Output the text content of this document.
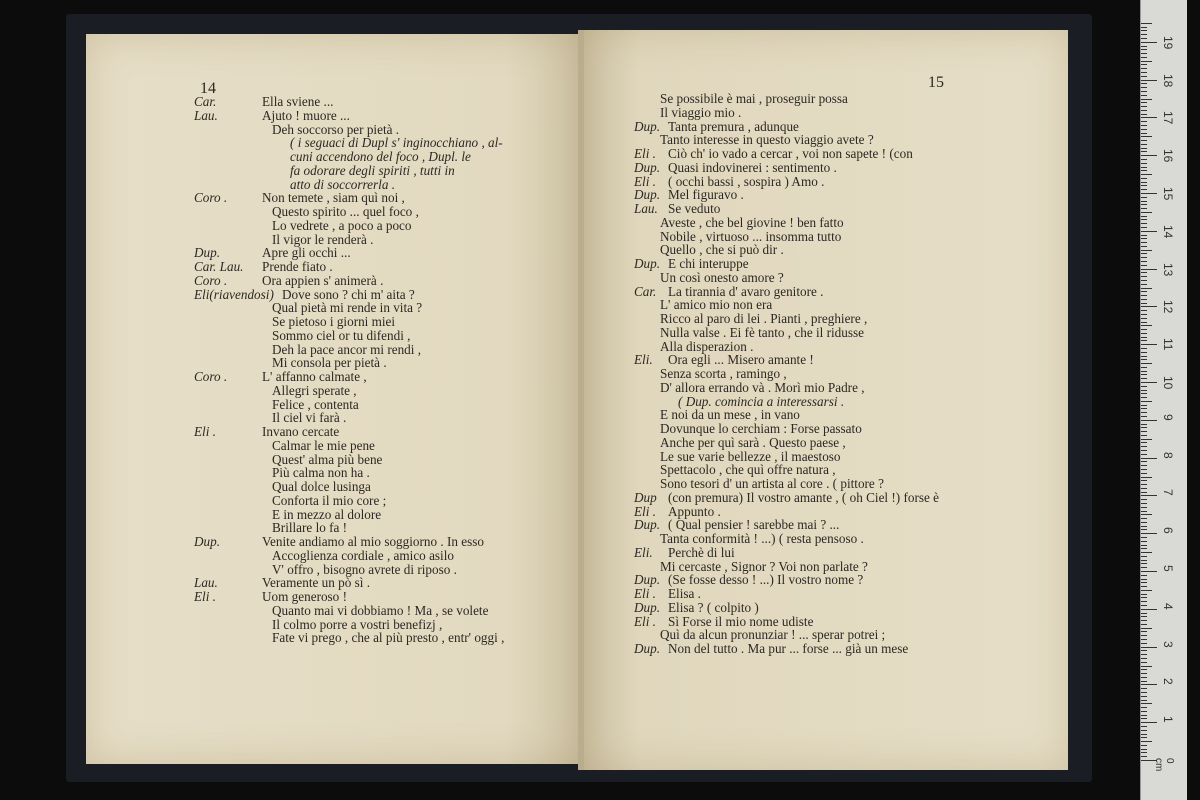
Car.	Ella sviene ...
Lau.	Ajuto ! muore ...
Deh soccorso per pietà .
( i seguaci di Dupl s' inginocchiano , al-
cuni accendono del foco , Dupl. le
fa odorare degli spiriti , tutti in
atto di soccorrerla .
Coro .	Non temete , siam quì noi ,
Questo spirito ... quel foco ,
Lo vedrete , a poco a poco
Il vigor le renderà .
Dup.	Apre gli occhi ...
Car. Lau. Prende fiato .
Coro .	Ora appien s' animerà .
Eli(riavendosi) Dove sono ? chi m' aita ?
Qual pietà mi rende in vita ?
Se pietoso i giorni miei
Sommo ciel or tu difendi ,
Deh la pace ancor mi rendi ,
Mi consola per pietà .
Coro .	L' affanno calmate ,
Allegri sperate ,
Felice , contenta
Il ciel vi farà .
Eli .	Invano cercate
Calmar le mie pene
Quest' alma più bene
Più calma non ha .
Qual dolce lusinga
Conforta il mio core ;
E in mezzo al dolore
Brillare lo fa !
Dup.	Venite andiamo al mio soggiorno . In esso
Accoglienza cordiale , amico asilo
V' offro , bisogno avrete di riposo .
Lau.	Veramente un pò sì .
Eli .	Uom generoso !
Quanto mai vi dobbiamo ! Ma , se volete
Il colmo porre a vostri benefizj ,
Fate vi prego , che al più presto , entr' oggi ,
Se possibile è mai , proseguir possa
Il viaggio mio .
Dup. Tanta premura , adunque
Tanto interesse in questo viaggio avete ?
Eli . Ciò ch' io vado a cercar , voi non sapete ! (con
Dup. Quasi indovinerei : sentimento .
Eli . ( occhi bassi , sospira ) Amo .
Dup. Mel figuravo .
Lau. Se veduto
Aveste , che bel giovine ! ben fatto
Nobile , virtuoso ... insomma tutto
Quello , che si può dir .
Dup. E chi interuppe
Un così onesto amore ?
Car. La tirannia d' avaro genitore .
L' amico mio non era
Ricco al paro di lei . Pianti , preghiere ,
Nulla valse . Ei fè tanto , che il ridusse
Alla disperazion .
Eli. Ora egli ... Misero amante !
Senza scorta , ramingo ,
D' allora errando và . Morì mio Padre ,
( Dup. comincia a interessarsi .
E noi da un mese , in vano
Dovunque lo cerchiam : Forse passato
Anche per quì sarà . Questo paese ,
Le sue varie bellezze , il maestoso
Spettacolo , che quì offre natura ,
Sono tesori d' un artista al core . ( pittore ?
Dup (con premura) Il vostro amante , ( oh Ciel !) forse è
Eli . Appunto .
Dup. ( Qual pensier ! sarebbe mai ? ...
Tanta conformità ! ...) ( resta pensoso .
Eli. Perchè di lui
Mi cercaste , Signor ? Voi non parlate ?
Dup. (Se fosse desso ! ...) Il vostro nome ?
Eli . Elisa .
Dup. Elisa ? ( colpito )
Eli . Sì Forse il mio nome udiste
Quì da alcun pronunziar ! ... sperar potrei ;
Dup. Non del tutto . Ma pur ... forse ... già un mese
14	15
1
2
3
4
5
6
7
8
9
10
11
12
13
14
15
16
17
18
19
0 cm
